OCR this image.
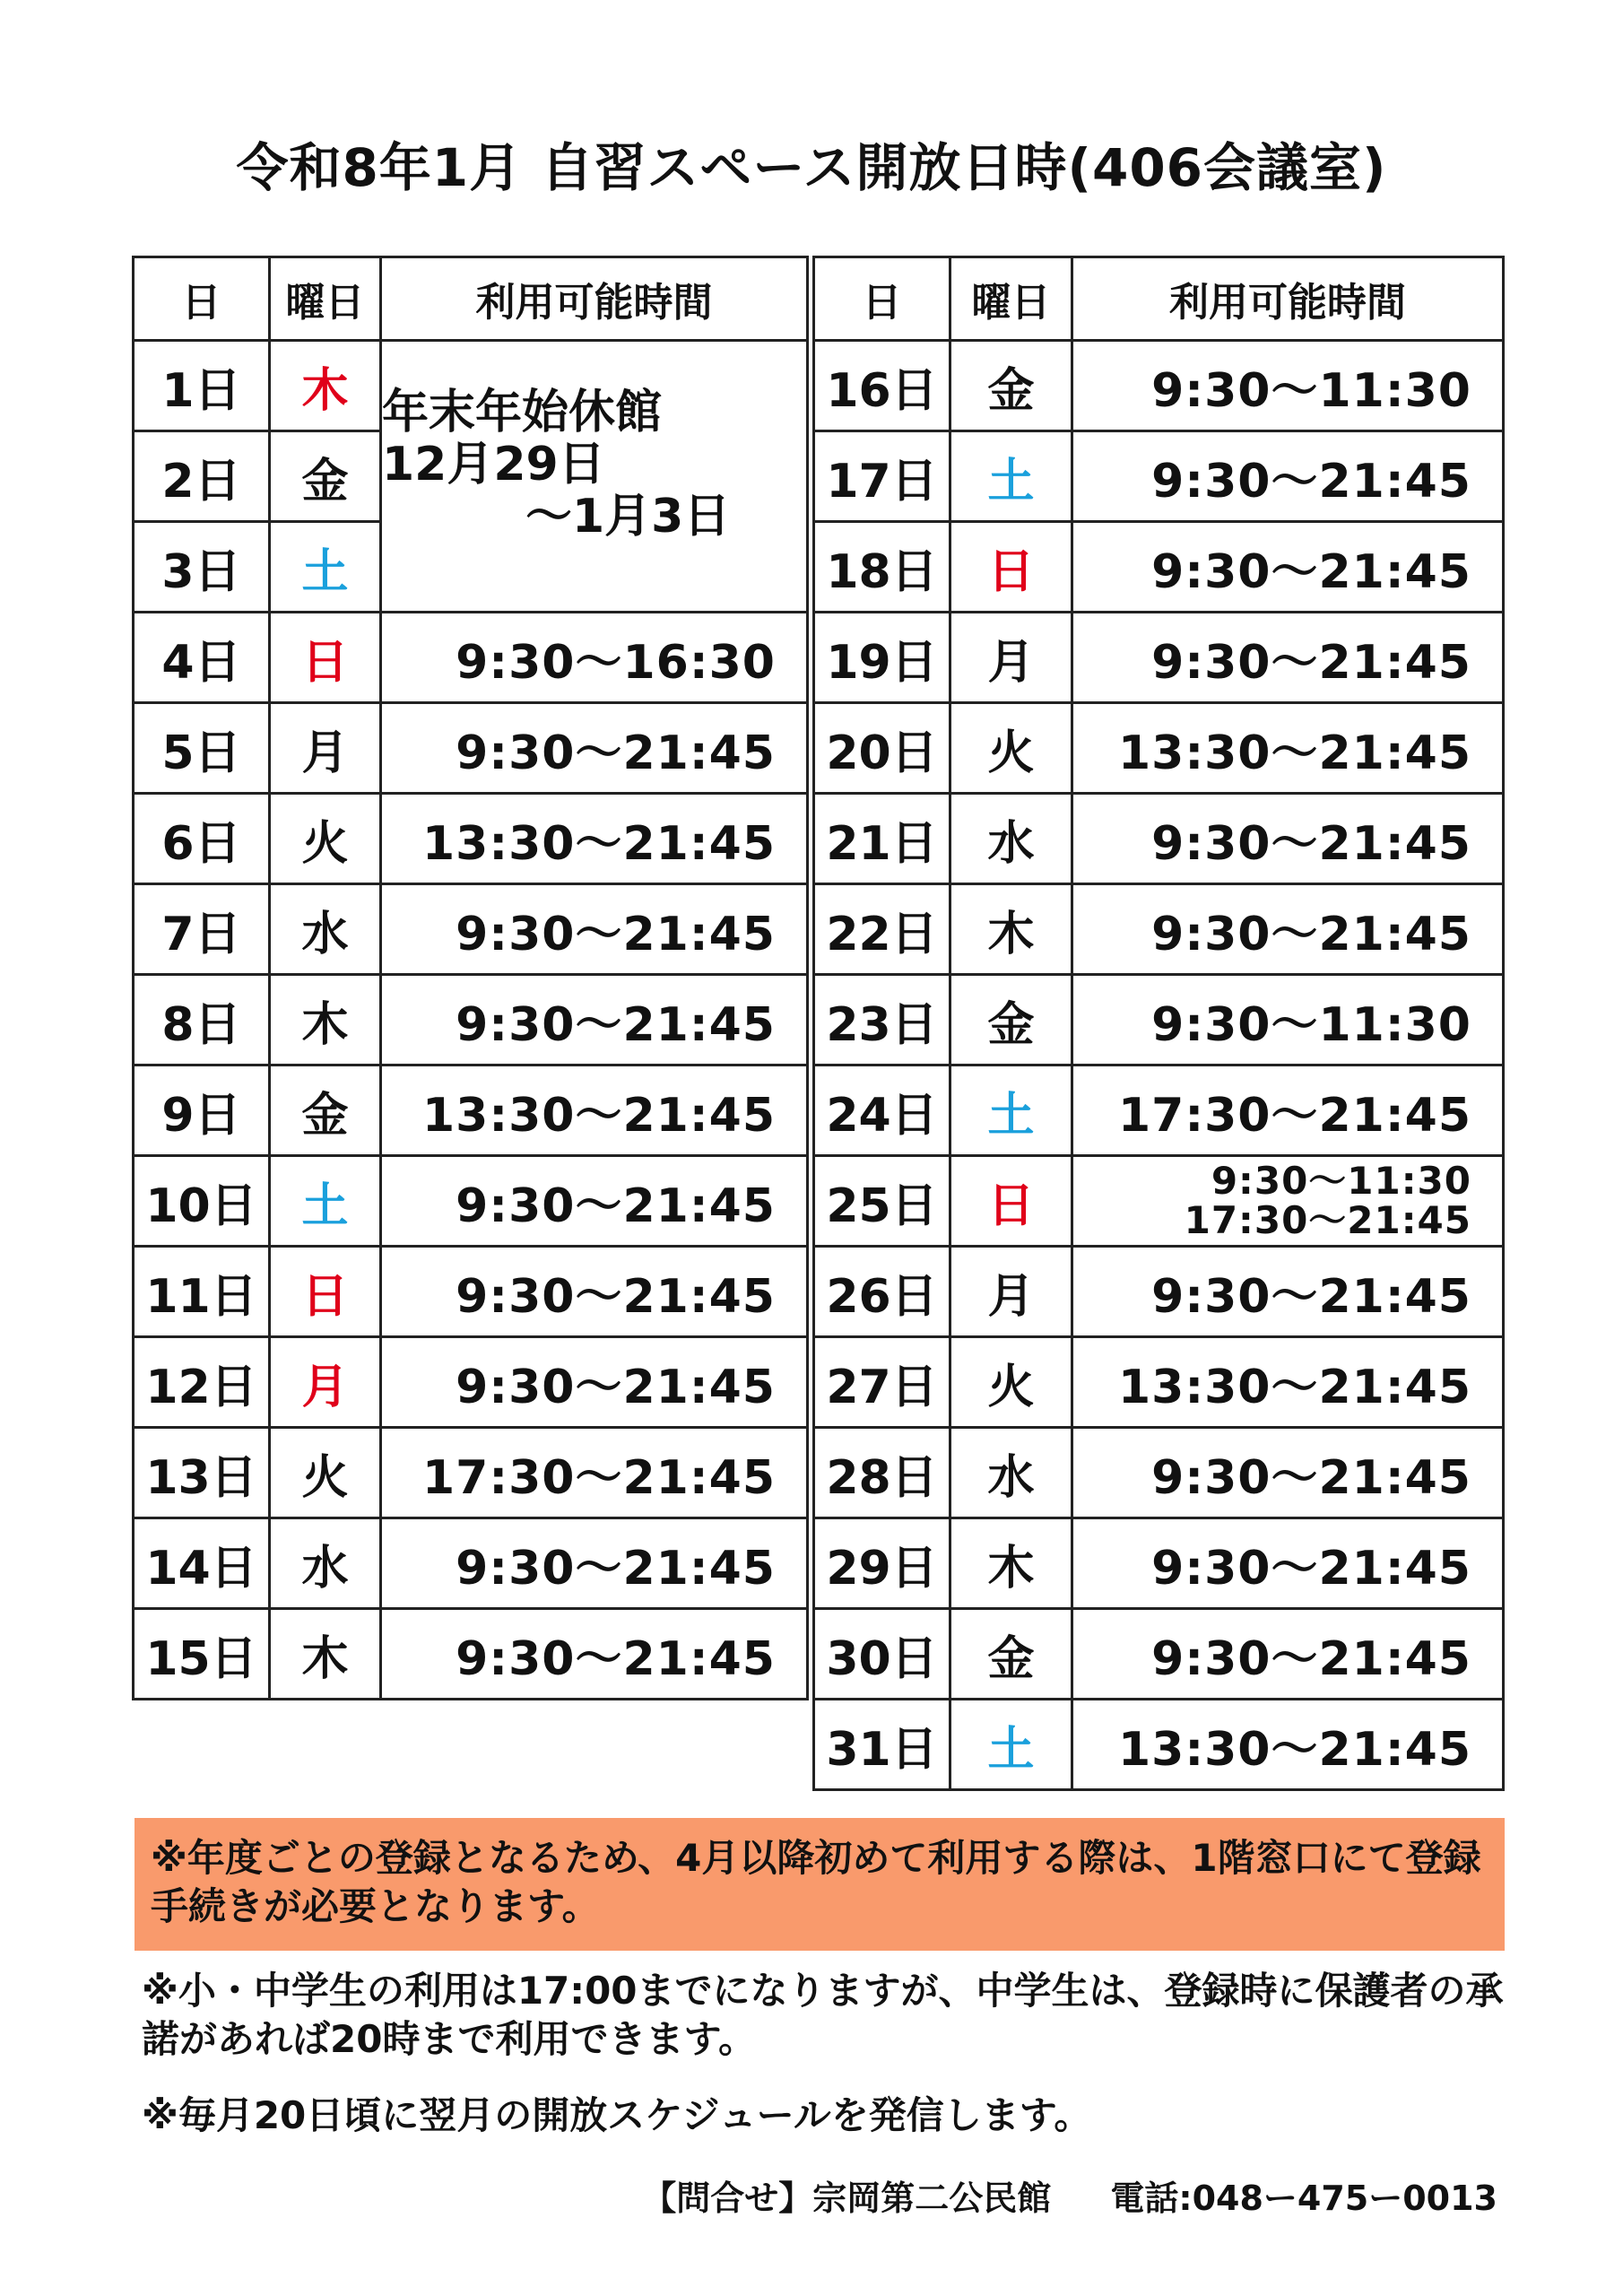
令和8年1月 自習スペース開放日時(406会議室)
日	曜日	利用可能時間
1日	木	年末年始休館
12月29日

～1月3日

2日	金	
3日	土	
4日	日	9:30～16:30
5日	月	9:30～21:45
6日	火	13:30～21:45
7日	水	9:30～21:45
8日	木	9:30～21:45
9日	金	13:30～21:45
10日	土	9:30～21:45
11日	日	9:30～21:45
12日	月	9:30～21:45
13日	火	17:30～21:45
14日	水	9:30～21:45
15日	木	9:30～21:45
日	曜日	利用可能時間
16日	金	9:30～11:30
17日	土	9:30～21:45
18日	日	9:30～21:45
19日	月	9:30～21:45
20日	火	13:30～21:45
21日	水	9:30～21:45
22日	木	9:30～21:45
23日	金	9:30～11:30
24日	土	17:30～21:45
25日	日	9:30～11:30
17:30～21:45
26日	月	9:30～21:45
27日	火	13:30～21:45
28日	水	9:30～21:45
29日	木	9:30～21:45
30日	金	9:30～21:45
31日	土	13:30～21:45
※年度ごとの登録となるため、4月以降初めて利用する際は、1階窓口にて登録手続きが必要となります。
※小・中学生の利用は17:00までになりますが、中学生は、登録時に保護者の承諾があれば20時まで利用できます。
※毎月20日頃に翌月の開放スケジュールを発信します。
【問合せ】宗岡第二公民館 電話:048ー475ー0013
